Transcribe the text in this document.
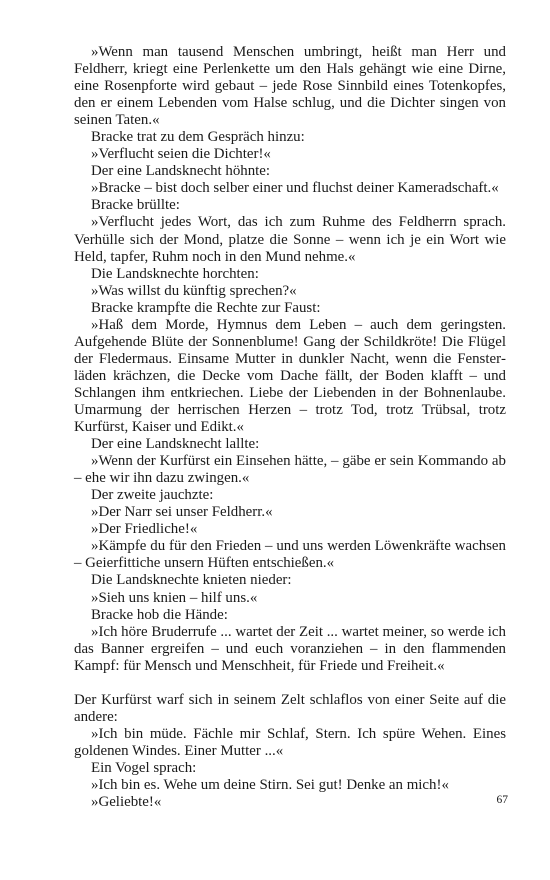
»Wenn man tausend Menschen umbringt, heißt man Herr und Feldherr, kriegt eine Perlenkette um den Hals gehängt wie eine Dirne, eine Rosenpforte wird gebaut – jede Rose Sinnbild eines Totenkopfes, den er einem Lebenden vom Halse schlug, und die Dichter singen von seinen Taten.«

Bracke trat zu dem Gespräch hinzu:

»Verflucht seien die Dichter!«

Der eine Landsknecht höhnte:

»Bracke – bist doch selber einer und fluchst deiner Kameradschaft.«

Bracke brüllte:

»Verflucht jedes Wort, das ich zum Ruhme des Feldherrn sprach. Verhülle sich der Mond, platze die Sonne – wenn ich je ein Wort wie Held, tapfer, Ruhm noch in den Mund nehme.«

Die Landsknechte horchten:

»Was willst du künftig sprechen?«

Bracke krampfte die Rechte zur Faust:

»Haß dem Morde, Hymnus dem Leben – auch dem geringsten. Aufgehende Blüte der Sonnenblume! Gang der Schildkröte! Die Flügel der Fledermaus. Einsame Mutter in dunkler Nacht, wenn die Fensterläden krächzen, die Decke vom Dache fällt, der Boden klafft – und Schlangen ihm entkriechen. Liebe der Liebenden in der Bohnenlaube. Umarmung der herrischen Herzen – trotz Tod, trotz Trübsal, trotz Kurfürst, Kaiser und Edikt.«

Der eine Landsknecht lallte:

»Wenn der Kurfürst ein Einsehen hätte, – gäbe er sein Kommando ab – ehe wir ihn dazu zwingen.«

Der zweite jauchzte:

»Der Narr sei unser Feldherr.«

»Der Friedliche!«

»Kämpfe du für den Frieden – und uns werden Löwenkräfte wachsen – Geierfittiche unsern Hüften entschießen.«

Die Landsknechte knieten nieder:

»Sieh uns knien – hilf uns.«

Bracke hob die Hände:

»Ich höre Bruderrufe ... wartet der Zeit ... wartet meiner, so werde ich das Banner ergreifen – und euch voranziehen – in den flammenden Kampf: für Mensch und Menschheit, für Friede und Freiheit.«

Der Kurfürst warf sich in seinem Zelt schlaflos von einer Seite auf die andere:

»Ich bin müde. Fächle mir Schlaf, Stern. Ich spüre Wehen. Eines goldenen Windes. Einer Mutter ...«

Ein Vogel sprach:

»Ich bin es. Wehe um deine Stirn. Sei gut! Denke an mich!«

»Geliebte!«	67
